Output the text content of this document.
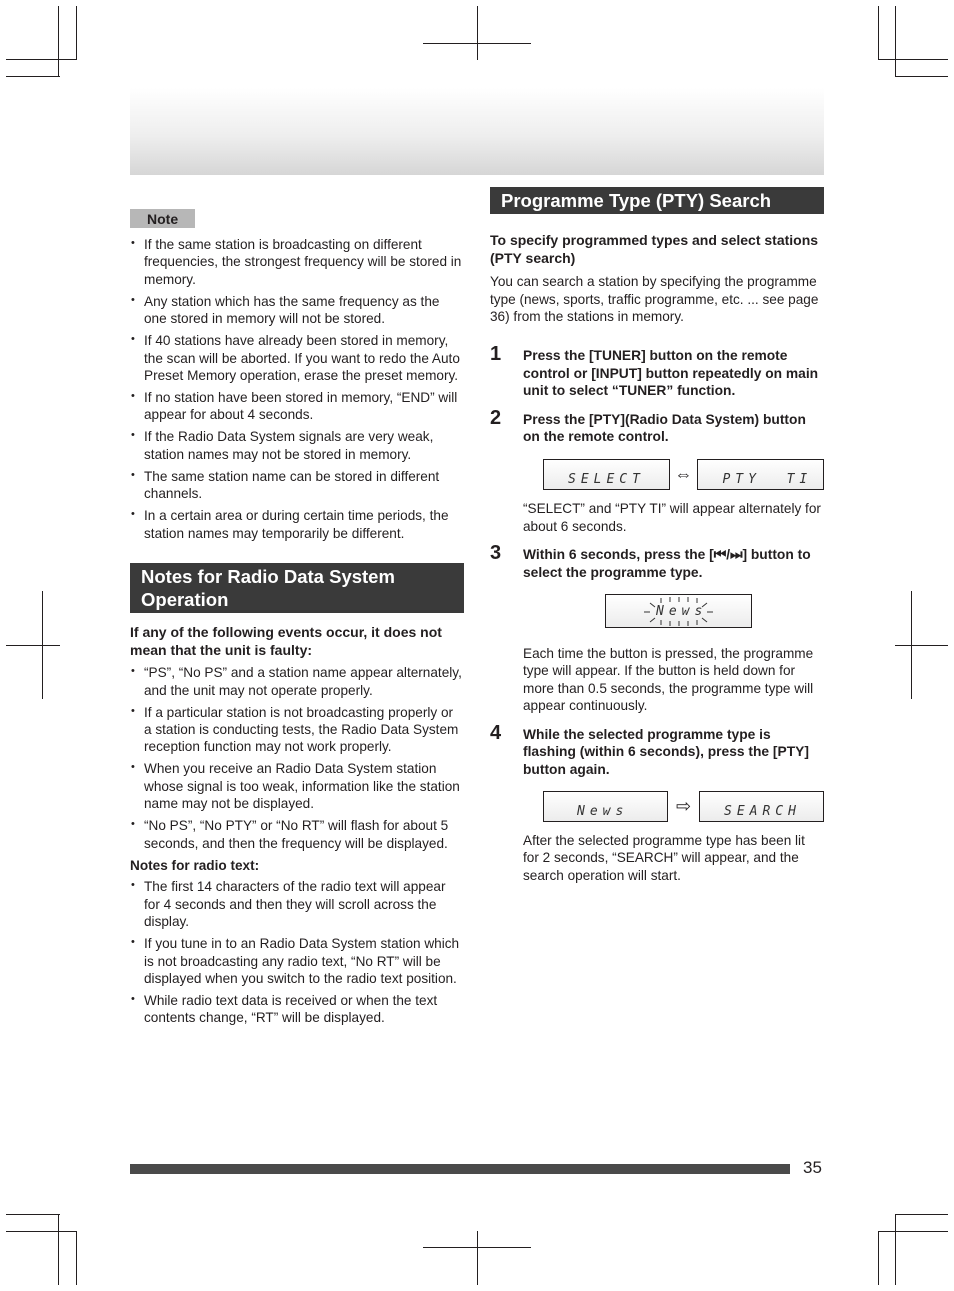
Note
• If the same station is broadcasting on different frequencies, the strongest frequency will be stored in memory.
• Any station which has the same frequency as the one stored in memory will not be stored.
• If 40 stations have already been stored in memory, the scan will be aborted. If you want to redo the Auto Preset Memory operation, erase the preset memory.
• If no station have been stored in memory, “END” will appear for about 4 seconds.
• If the Radio Data System signals are very weak, station names may not be stored in memory.
• The same station name can be stored in different channels.
• In a certain area or during certain time periods, the station names may temporarily be different.
Notes for Radio Data System
Operation

If any of the following events occur, it does not mean that the unit is faulty:

• “PS”, “No PS” and a station name appear alternately, and the unit may not operate properly.
• If a particular station is not broadcasting properly or a station is conducting tests, the Radio Data System reception function may not work properly.
• When you receive an Radio Data System station whose signal is too weak, information like the station name may not be displayed.
• “No PS”, “No PTY” or “No RT” will flash for about 5 seconds, and then the frequency will be displayed.

Notes for radio text:

• The first 14 characters of the radio text will appear for 4 seconds and then they will scroll across the display.
• If you tune in to an Radio Data System station which is not broadcasting any radio text, “No RT” will be displayed when you switch to the radio text position.
• While radio text data is received or when the text contents change, “RT” will be displayed.
Programme Type (PTY) Search

To specify programmed types and select stations (PTY search)

You can search a station by specifying the programme type (news, sports, traffic programme, etc. ... see page 36) from the stations in memory.

1 Press the [TUNER] button on the remote control or [INPUT] button repeatedly on main unit to select “TUNER” function.
2 Press the [PTY](Radio Data System) button on the remote control.
SELECT ⇔	PTY  TI

“SELECT” and “PTY TI” will appear alternately for about 6 seconds.

3 Within 6 seconds, press the [⏮/⏭] button to select the programme type.
News

Each time the button is pressed, the programme type will appear. If the button is held down for more than 0.5 seconds, the programme type will appear continuously.

4 While the selected programme type is flashing (within 6 seconds), press the [PTY] button again.
News	⇨	SEARCH

After the selected programme type has been lit for 2 seconds, “SEARCH” will appear, and the search operation will start.

35
